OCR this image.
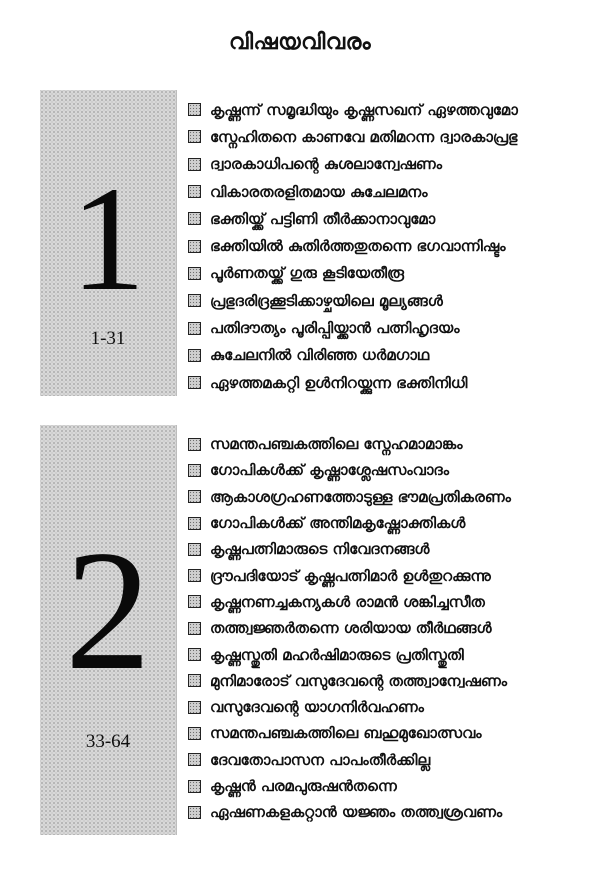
വിഷയവിവരം
1
1-31
കൃഷ്ണന്ന് സമൃദ്ധിയും കൃഷ്ണസഖന് ഏഴത്തവുമോ
സ്നേഹിതനെ കാണവേ മതിമറന്ന ദ്വാരകാപ്രഭു
ദ്വാരകാധിപന്റെ കുശലാന്വേഷണം
വികാരതരളിതമായ കുചേലമനം
ഭക്തിയ്ക്ക് പട്ടിണി തീർക്കാനാവുമോ
ഭക്തിയിൽ കുതിർത്തതുതന്നെ ഭഗവാന്നിഷ്ടം
പൂർണതയ്ക്ക് ഗുരു കൂടിയേതീരൂ
പ്രഭുദരിദ്രക്കൂടിക്കാഴ്ചയിലെ മൂല്യങ്ങൾ
പതിദൗത്യം പൂരിപ്പിയ്ക്കാൻ പത്നിഹൃദയം
കുചേലനിൽ വിരിഞ്ഞ ധർമഗാഥ
ഏഴത്തമകറ്റി ഉൾനിറയ്ക്കുന്ന ഭക്തിനിധി
2
33-64
സമന്തപഞ്ചകത്തിലെ സ്നേഹമാമാങ്കം
ഗോപികൾക്ക് കൃഷ്ണാശ്ലേഷസംവാദം
ആകാശഗ്രഹണത്തോടുള്ള ഭൗമപ്രതികരണം
ഗോപികൾക്ക് അന്തിമകൃഷ്ണോക്തികൾ
കൃഷ്ണപത്നിമാരുടെ നിവേദനങ്ങൾ
ദ്രൗപദിയോട് കൃഷ്ണപത്നിമാർ ഉൾതുറക്കുന്നു
കൃഷ്ണനണച്ചകന്യകൾ രാമൻ ശങ്കിച്ചസീത
തത്ത്വജ്ഞർതന്നെ ശരിയായ തീർഥങ്ങൾ
കൃഷ്ണസ്തുതി മഹർഷിമാരുടെ പ്രതിസ്തുതി
മുനിമാരോട് വസുദേവന്റെ തത്ത്വാന്വേഷണം
വസുദേവന്റെ യാഗനിർവഹണം
സമന്തപഞ്ചകത്തിലെ ബഹുമുഖോത്സവം
ദേവതോപാസന പാപംതീർക്കില്ല
കൃഷ്ണൻ പരമപുരുഷൻതന്നെ
ഏഷണകളകറ്റാൻ യജ്ഞം തത്ത്വശ്രവണം
